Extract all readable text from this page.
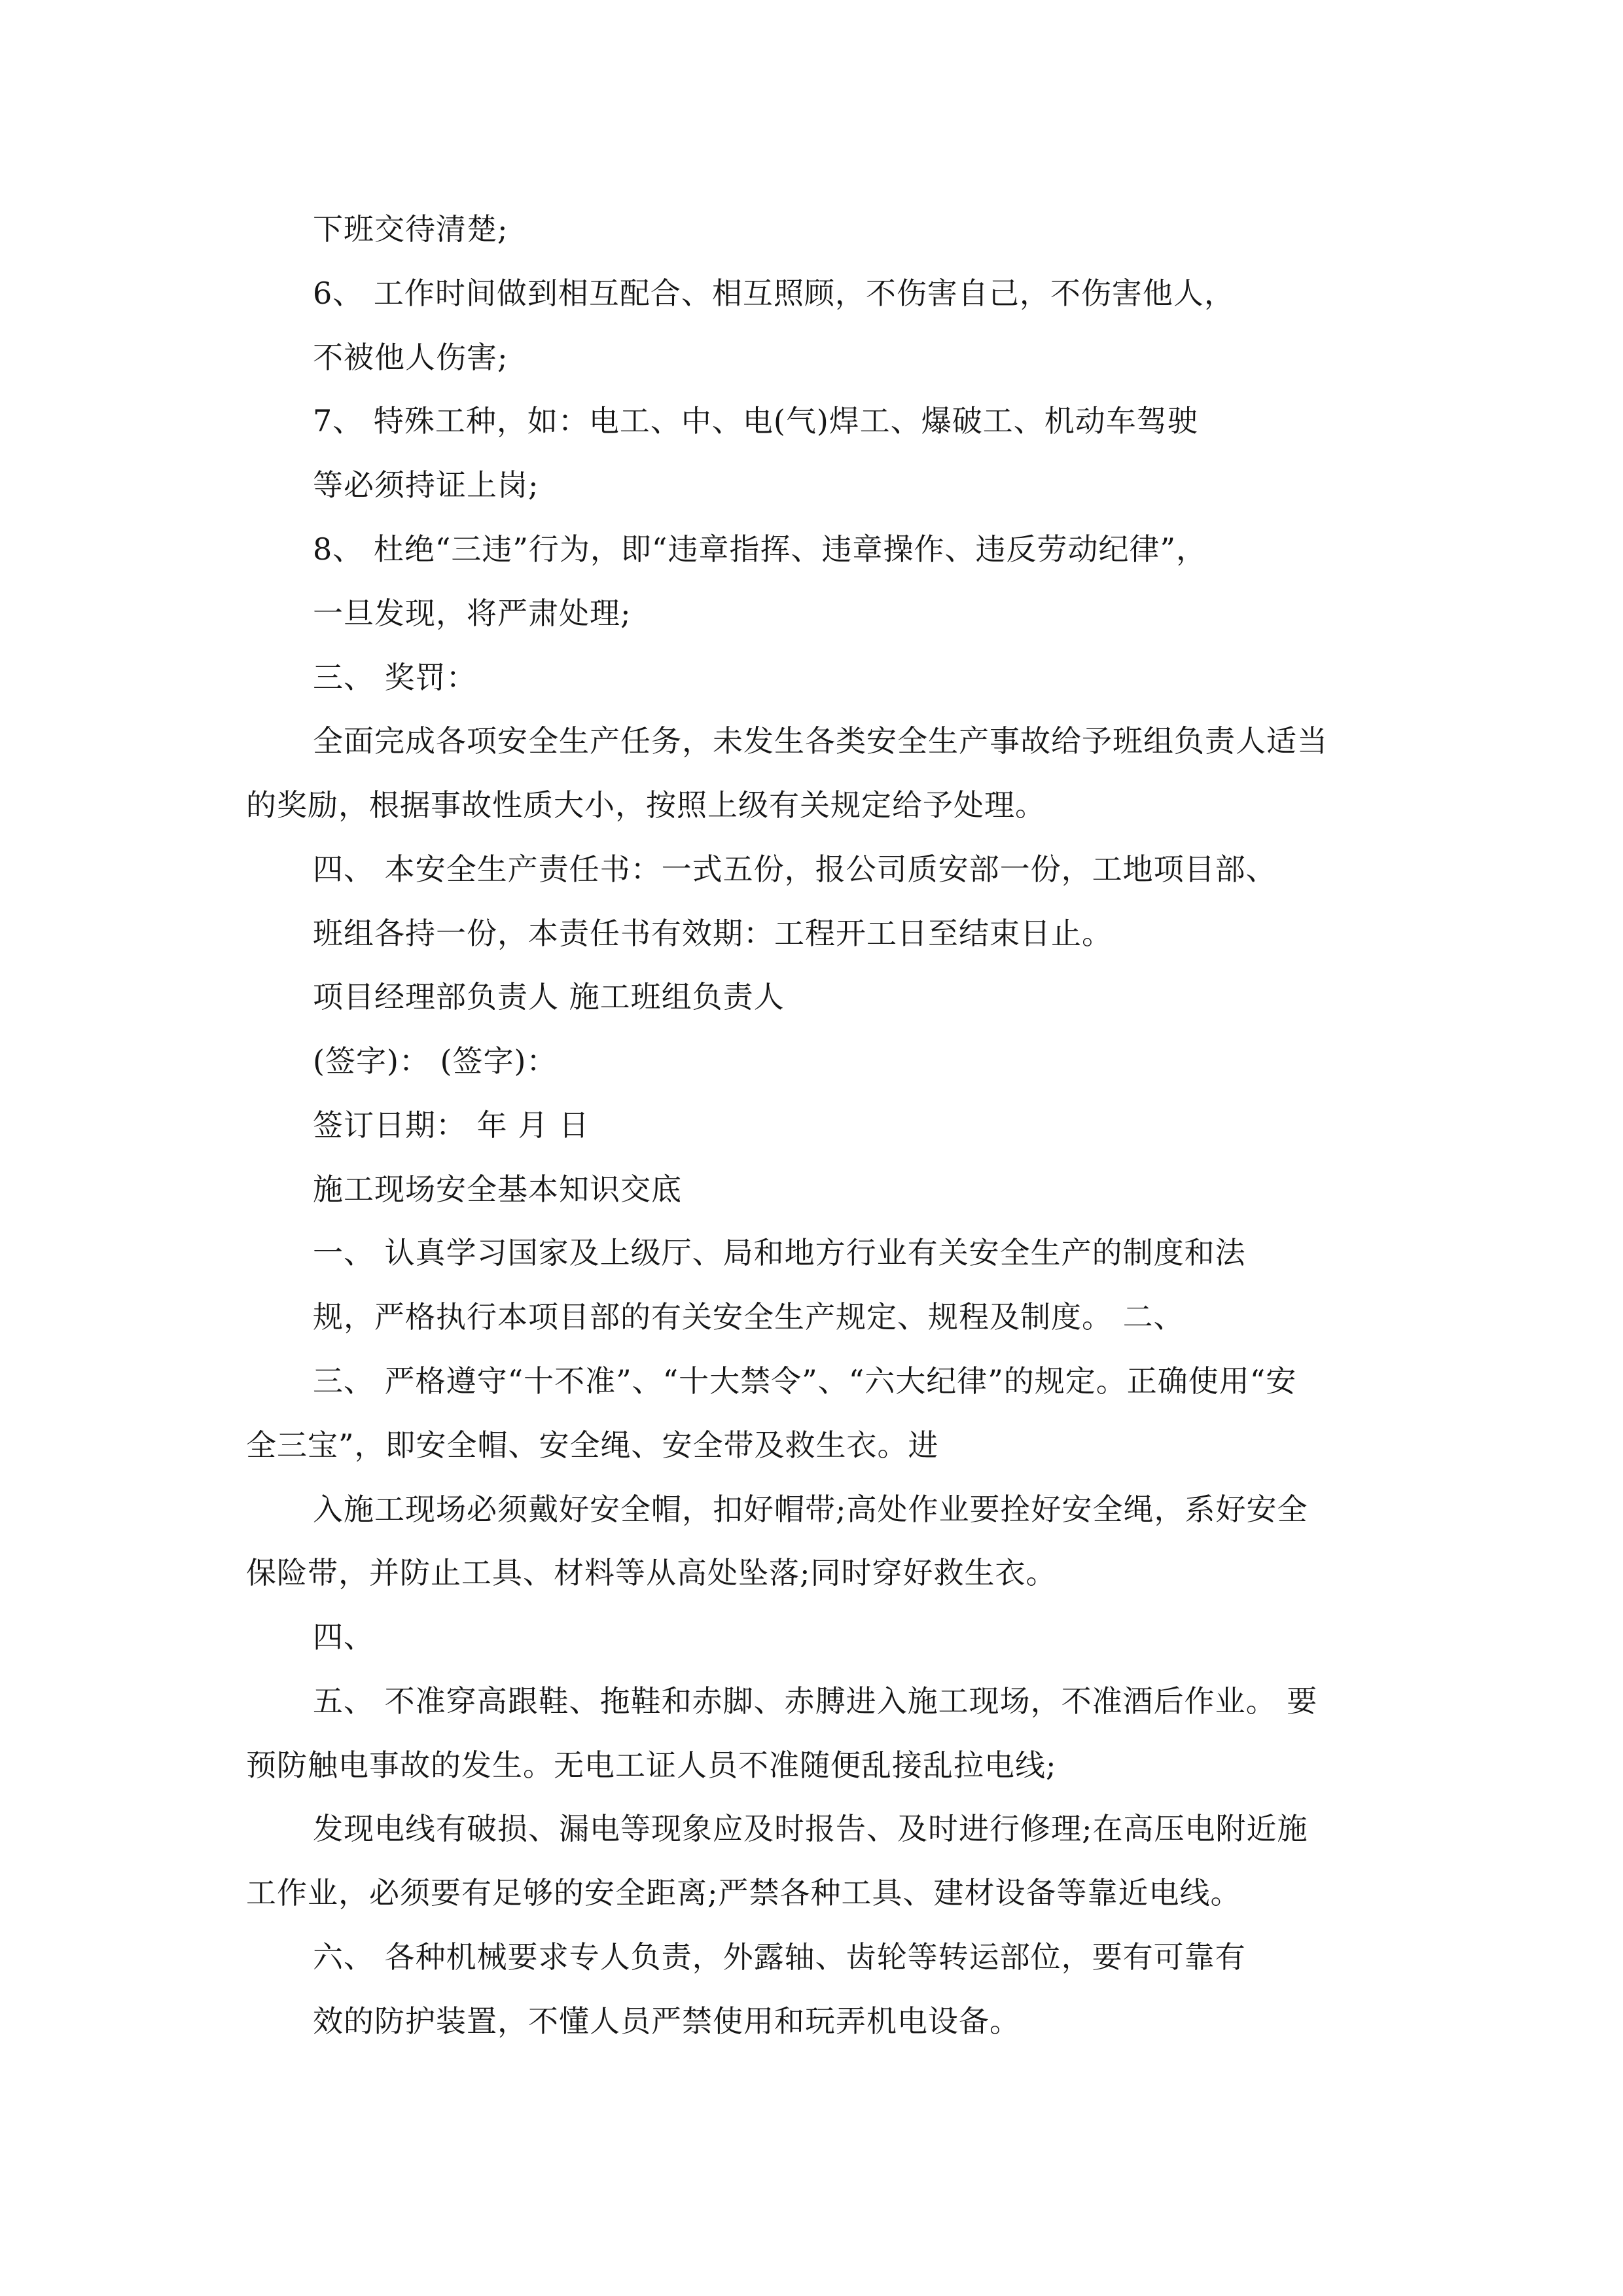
下班交待清楚;

6、 工作时间做到相互配合、相互照顾，不伤害自己，不伤害他人，

不被他人伤害;

7、 特殊工种，如：电工、中、电(气)焊工、爆破工、机动车驾驶

等必须持证上岗;

8、 杜绝“三违”行为，即“违章指挥、违章操作、违反劳动纪律”，

一旦发现，将严肃处理;

三、 奖罚：

全面完成各项安全生产任务，未发生各类安全生产事故给予班组负责人适当

的奖励，根据事故性质大小，按照上级有关规定给予处理。

四、 本安全生产责任书：一式五份，报公司质安部一份，工地项目部、

班组各持一份，本责任书有效期：工程开工日至结束日止。

项目经理部负责人 施工班组负责人

(签字)： (签字)：

签订日期： 年 月 日

施工现场安全基本知识交底

一、 认真学习国家及上级厅、局和地方行业有关安全生产的制度和法

规，严格执行本项目部的有关安全生产规定、规程及制度。 二、

三、 严格遵守“十不准”、“十大禁令”、“六大纪律”的规定。正确使用“安

全三宝”，即安全帽、安全绳、安全带及救生衣。进

入施工现场必须戴好安全帽，扣好帽带;高处作业要拴好安全绳，系好安全

保险带，并防止工具、材料等从高处坠落;同时穿好救生衣。

四、

五、 不准穿高跟鞋、拖鞋和赤脚、赤膊进入施工现场，不准酒后作业。 要

预防触电事故的发生。无电工证人员不准随便乱接乱拉电线;

发现电线有破损、漏电等现象应及时报告、及时进行修理;在高压电附近施

工作业，必须要有足够的安全距离;严禁各种工具、建材设备等靠近电线。

六、 各种机械要求专人负责，外露轴、齿轮等转运部位，要有可靠有

效的防护装置，不懂人员严禁使用和玩弄机电设备。
